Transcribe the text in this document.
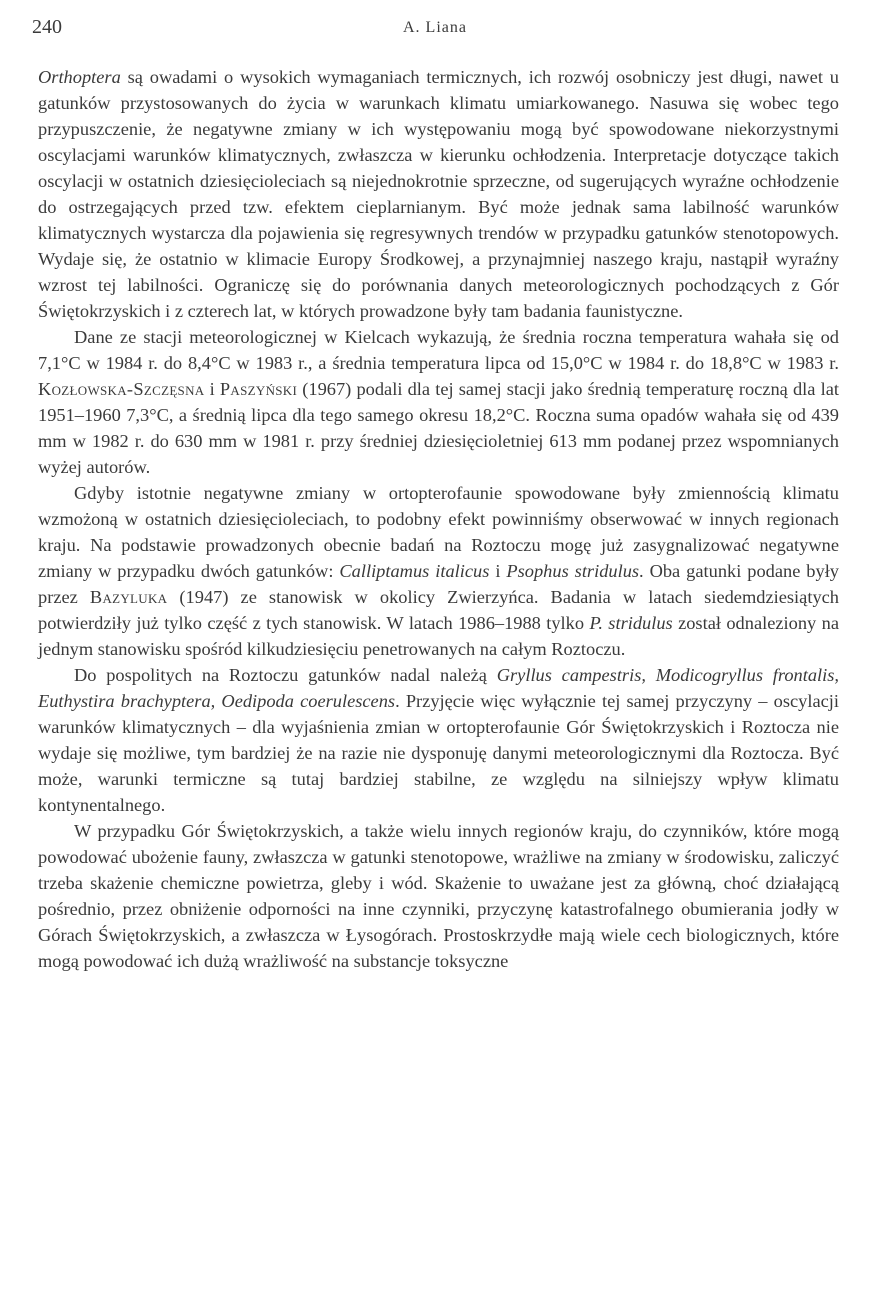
240	A. Liana

Orthoptera są owadami o wysokich wymaganiach termicznych, ich rozwój osobniczy jest długi, nawet u gatunków przystosowanych do życia w warunkach klimatu umiarkowanego. Nasuwa się wobec tego przypuszczenie, że negatywne zmiany w ich występowaniu mogą być spowodowane niekorzystnymi oscylacjami warunków klimatycznych, zwłaszcza w kierunku ochłodzenia. Interpretacje dotyczące takich oscylacji w ostatnich dziesięcioleciach są niejednokrotnie sprzeczne, od sugerujących wyraźne ochłodzenie do ostrzegających przed tzw. efektem cieplarnianym. Być może jednak sama labilność warunków klimatycznych wystarcza dla pojawienia się regresywnych trendów w przypadku gatunków stenotopowych. Wydaje się, że ostatnio w klimacie Europy Środkowej, a przynajmniej naszego kraju, nastąpił wyraźny wzrost tej labilności. Ograniczę się do porównania danych meteorologicznych pochodzących z Gór Świętokrzyskich i z czterech lat, w których prowadzone były tam badania faunistyczne.

Dane ze stacji meteorologicznej w Kielcach wykazują, że średnia roczna temperatura wahała się od 7,1°C w 1984 r. do 8,4°C w 1983 r., a średnia temperatura lipca od 15,0°C w 1984 r. do 18,8°C w 1983 r. Kozłowska-Szczęsna i Paszyński (1967) podali dla tej samej stacji jako średnią temperaturę roczną dla lat 1951–1960 7,3°C, a średnią lipca dla tego samego okresu 18,2°C. Roczna suma opadów wahała się od 439 mm w 1982 r. do 630 mm w 1981 r. przy średniej dziesięcioletniej 613 mm podanej przez wspomnianych wyżej autorów.

Gdyby istotnie negatywne zmiany w ortopterofaunie spowodowane były zmiennością klimatu wzmożoną w ostatnich dziesięcioleciach, to podobny efekt powinniśmy obserwować w innych regionach kraju. Na podstawie prowadzonych obecnie badań na Roztoczu mogę już zasygnalizować negatywne zmiany w przypadku dwóch gatunków: Calliptamus italicus i Psophus stridulus. Oba gatunki podane były przez Bazyluka (1947) ze stanowisk w okolicy Zwierzyńca. Badania w latach siedemdziesiątych potwierdziły już tylko część z tych stanowisk. W latach 1986–1988 tylko P. stridulus został odnaleziony na jednym stanowisku spośród kilkudziesięciu penetrowanych na całym Roztoczu.

Do pospolitych na Roztoczu gatunków nadal należą Gryllus campestris, Modicogryllus frontalis, Euthystira brachyptera, Oedipoda coerulescens. Przyjęcie więc wyłącznie tej samej przyczyny – oscylacji warunków klimatycznych – dla wyjaśnienia zmian w ortopterofaunie Gór Świętokrzyskich i Roztocza nie wydaje się możliwe, tym bardziej że na razie nie dysponuję danymi meteorologicznymi dla Roztocza. Być może, warunki termiczne są tutaj bardziej stabilne, ze względu na silniejszy wpływ klimatu kontynentalnego.

W przypadku Gór Świętokrzyskich, a także wielu innych regionów kraju, do czynników, które mogą powodować ubożenie fauny, zwłaszcza w gatunki stenotopowe, wrażliwe na zmiany w środowisku, zaliczyć trzeba skażenie chemiczne powietrza, gleby i wód. Skażenie to uważane jest za główną, choć działającą pośrednio, przez obniżenie odporności na inne czynniki, przyczynę katastrofalnego obumierania jodły w Górach Świętokrzyskich, a zwłaszcza w Łysogórach. Prostoskrzydłe mają wiele cech biologicznych, które mogą powodować ich dużą wrażliwość na substancje toksyczne
